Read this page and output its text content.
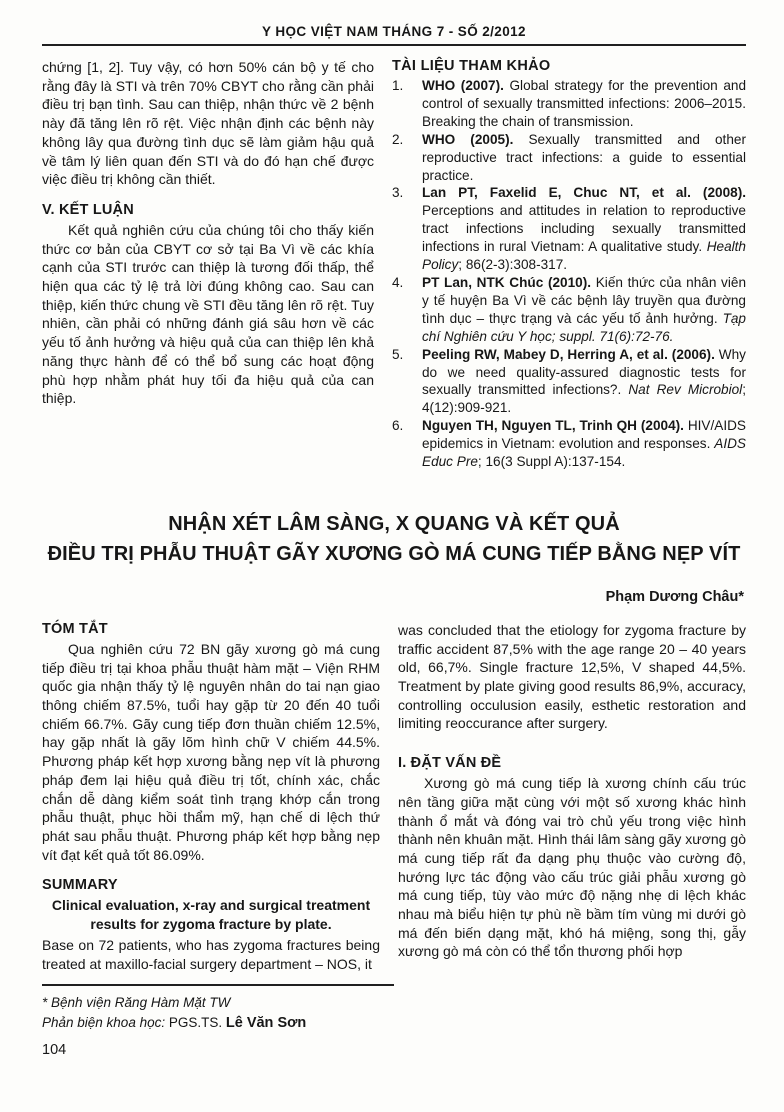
Y HỌC VIỆT NAM THÁNG 7 - SỐ 2/2012

chứng [1, 2]. Tuy vậy, có hơn 50% cán bộ y tế cho rằng đây là STI và trên 70% CBYT cho rằng cần phải điều trị bạn tình. Sau can thiệp, nhận thức về 2 bệnh này đã tăng lên rõ rệt. Việc nhận định các bệnh này không lây qua đường tình dục sẽ làm giảm hậu quả về tâm lý liên quan đến STI và do đó hạn chế được việc điều trị không cần thiết.

V. KẾT LUẬN

Kết quả nghiên cứu của chúng tôi cho thấy kiến thức cơ bản của CBYT cơ sở tại Ba Vì về các khía cạnh của STI trước can thiệp là tương đối thấp, thể hiện qua các tỷ lệ trả lời đúng không cao. Sau can thiệp, kiến thức chung về STI đều tăng lên rõ rệt. Tuy nhiên, cần phải có những đánh giá sâu hơn về các yếu tố ảnh hưởng và hiệu quả của can thiệp lên khả năng thực hành để có thể bổ sung các hoạt động phù hợp nhằm phát huy tối đa hiệu quả của can thiệp.

TÀI LIỆU THAM KHẢO
1.	WHO (2007). Global strategy for the prevention and control of sexually transmitted infections: 2006–2015. Breaking the chain of transmission.
2.	WHO (2005). Sexually transmitted and other reproductive tract infections: a guide to essential practice.
3.	Lan PT, Faxelid E, Chuc NT, et al. (2008). Perceptions and attitudes in relation to reproductive tract infections including sexually transmitted infections in rural Vietnam: A qualitative study. Health Policy; 86(2-3):308-317.
4.	PT Lan, NTK Chúc (2010). Kiến thức của nhân viên y tế huyện Ba Vì về các bệnh lây truyền qua đường tình dục – thực trạng và các yếu tố ảnh hưởng. Tạp chí Nghiên cứu Y học; suppl. 71(6):72-76.
5.	Peeling RW, Mabey D, Herring A, et al. (2006). Why do we need quality-assured diagnostic tests for sexually transmitted infections?. Nat Rev Microbiol; 4(12):909-921.
6.	Nguyen TH, Nguyen TL, Trinh QH (2004). HIV/AIDS epidemics in Vietnam: evolution and responses. AIDS Educ Pre; 16(3 Suppl A):137-154.
NHẬN XÉT LÂM SÀNG, X QUANG VÀ KẾT QUẢ
ĐIỀU TRỊ PHẪU THUẬT GÃY XƯƠNG GÒ MÁ CUNG TIẾP BẰNG NẸP VÍT
Phạm Dương Châu*
TÓM TẮT

Qua nghiên cứu 72 BN gãy xương gò má cung tiếp điều trị tại khoa phẫu thuật hàm mặt – Viện RHM quốc gia nhận thấy tỷ lệ nguyên nhân do tai nạn giao thông chiếm 87.5%, tuổi hay gặp từ 20 đến 40 tuổi chiếm 66.7%. Gãy cung tiếp đơn thuần chiếm 12.5%, hay gặp nhất là gãy lõm hình chữ V chiếm 44.5%. Phương pháp kết hợp xương bằng nẹp vít là phương pháp đem lại hiệu quả điều trị tốt, chính xác, chắc chắn dễ dàng kiểm soát tình trạng khớp cắn trong phẫu thuật, phục hồi thẩm mỹ, hạn chế di lệch thứ phát sau phẫu thuật. Phương pháp kết hợp bằng nẹp vít đạt kết quả tốt 86.09%.

SUMMARY
Clinical evaluation, x-ray and surgical treatment results for zygoma fracture by plate.

Base on 72 patients, who has zygoma fractures being treated at maxillo-facial surgery department – NOS, it

was concluded that the etiology for zygoma fracture by traffic accident 87,5% with the age range 20 – 40 years old, 66,7%. Single fracture 12,5%, V shaped 44,5%. Treatment by plate giving good results 86,9%, accuracy, controlling occulusion easily, esthetic restoration and limiting reoccurance after surgery.

I. ĐẶT VẤN ĐỀ

Xương gò má cung tiếp là xương chính cấu trúc nên tầng giữa mặt cùng với một số xương khác hình thành ổ mắt và đóng vai trò chủ yếu trong việc hình thành nên khuân mặt. Hình thái lâm sàng gãy xương gò má cung tiếp rất đa dạng phụ thuộc vào cường độ, hướng lực tác động vào cấu trúc giải phẫu xương gò má cung tiếp, tùy vào mức độ nặng nhẹ di lệch khác nhau mà biểu hiện tự phù nề bầm tím vùng mi dưới gò má đến biến dạng mặt, khó há miệng, song thị, gẫy xương gò má còn có thể tổn thương phối hợp

* Bệnh viện Răng Hàm Mặt TW
Phản biện khoa học: PGS.TS. Lê Văn Sơn
104
